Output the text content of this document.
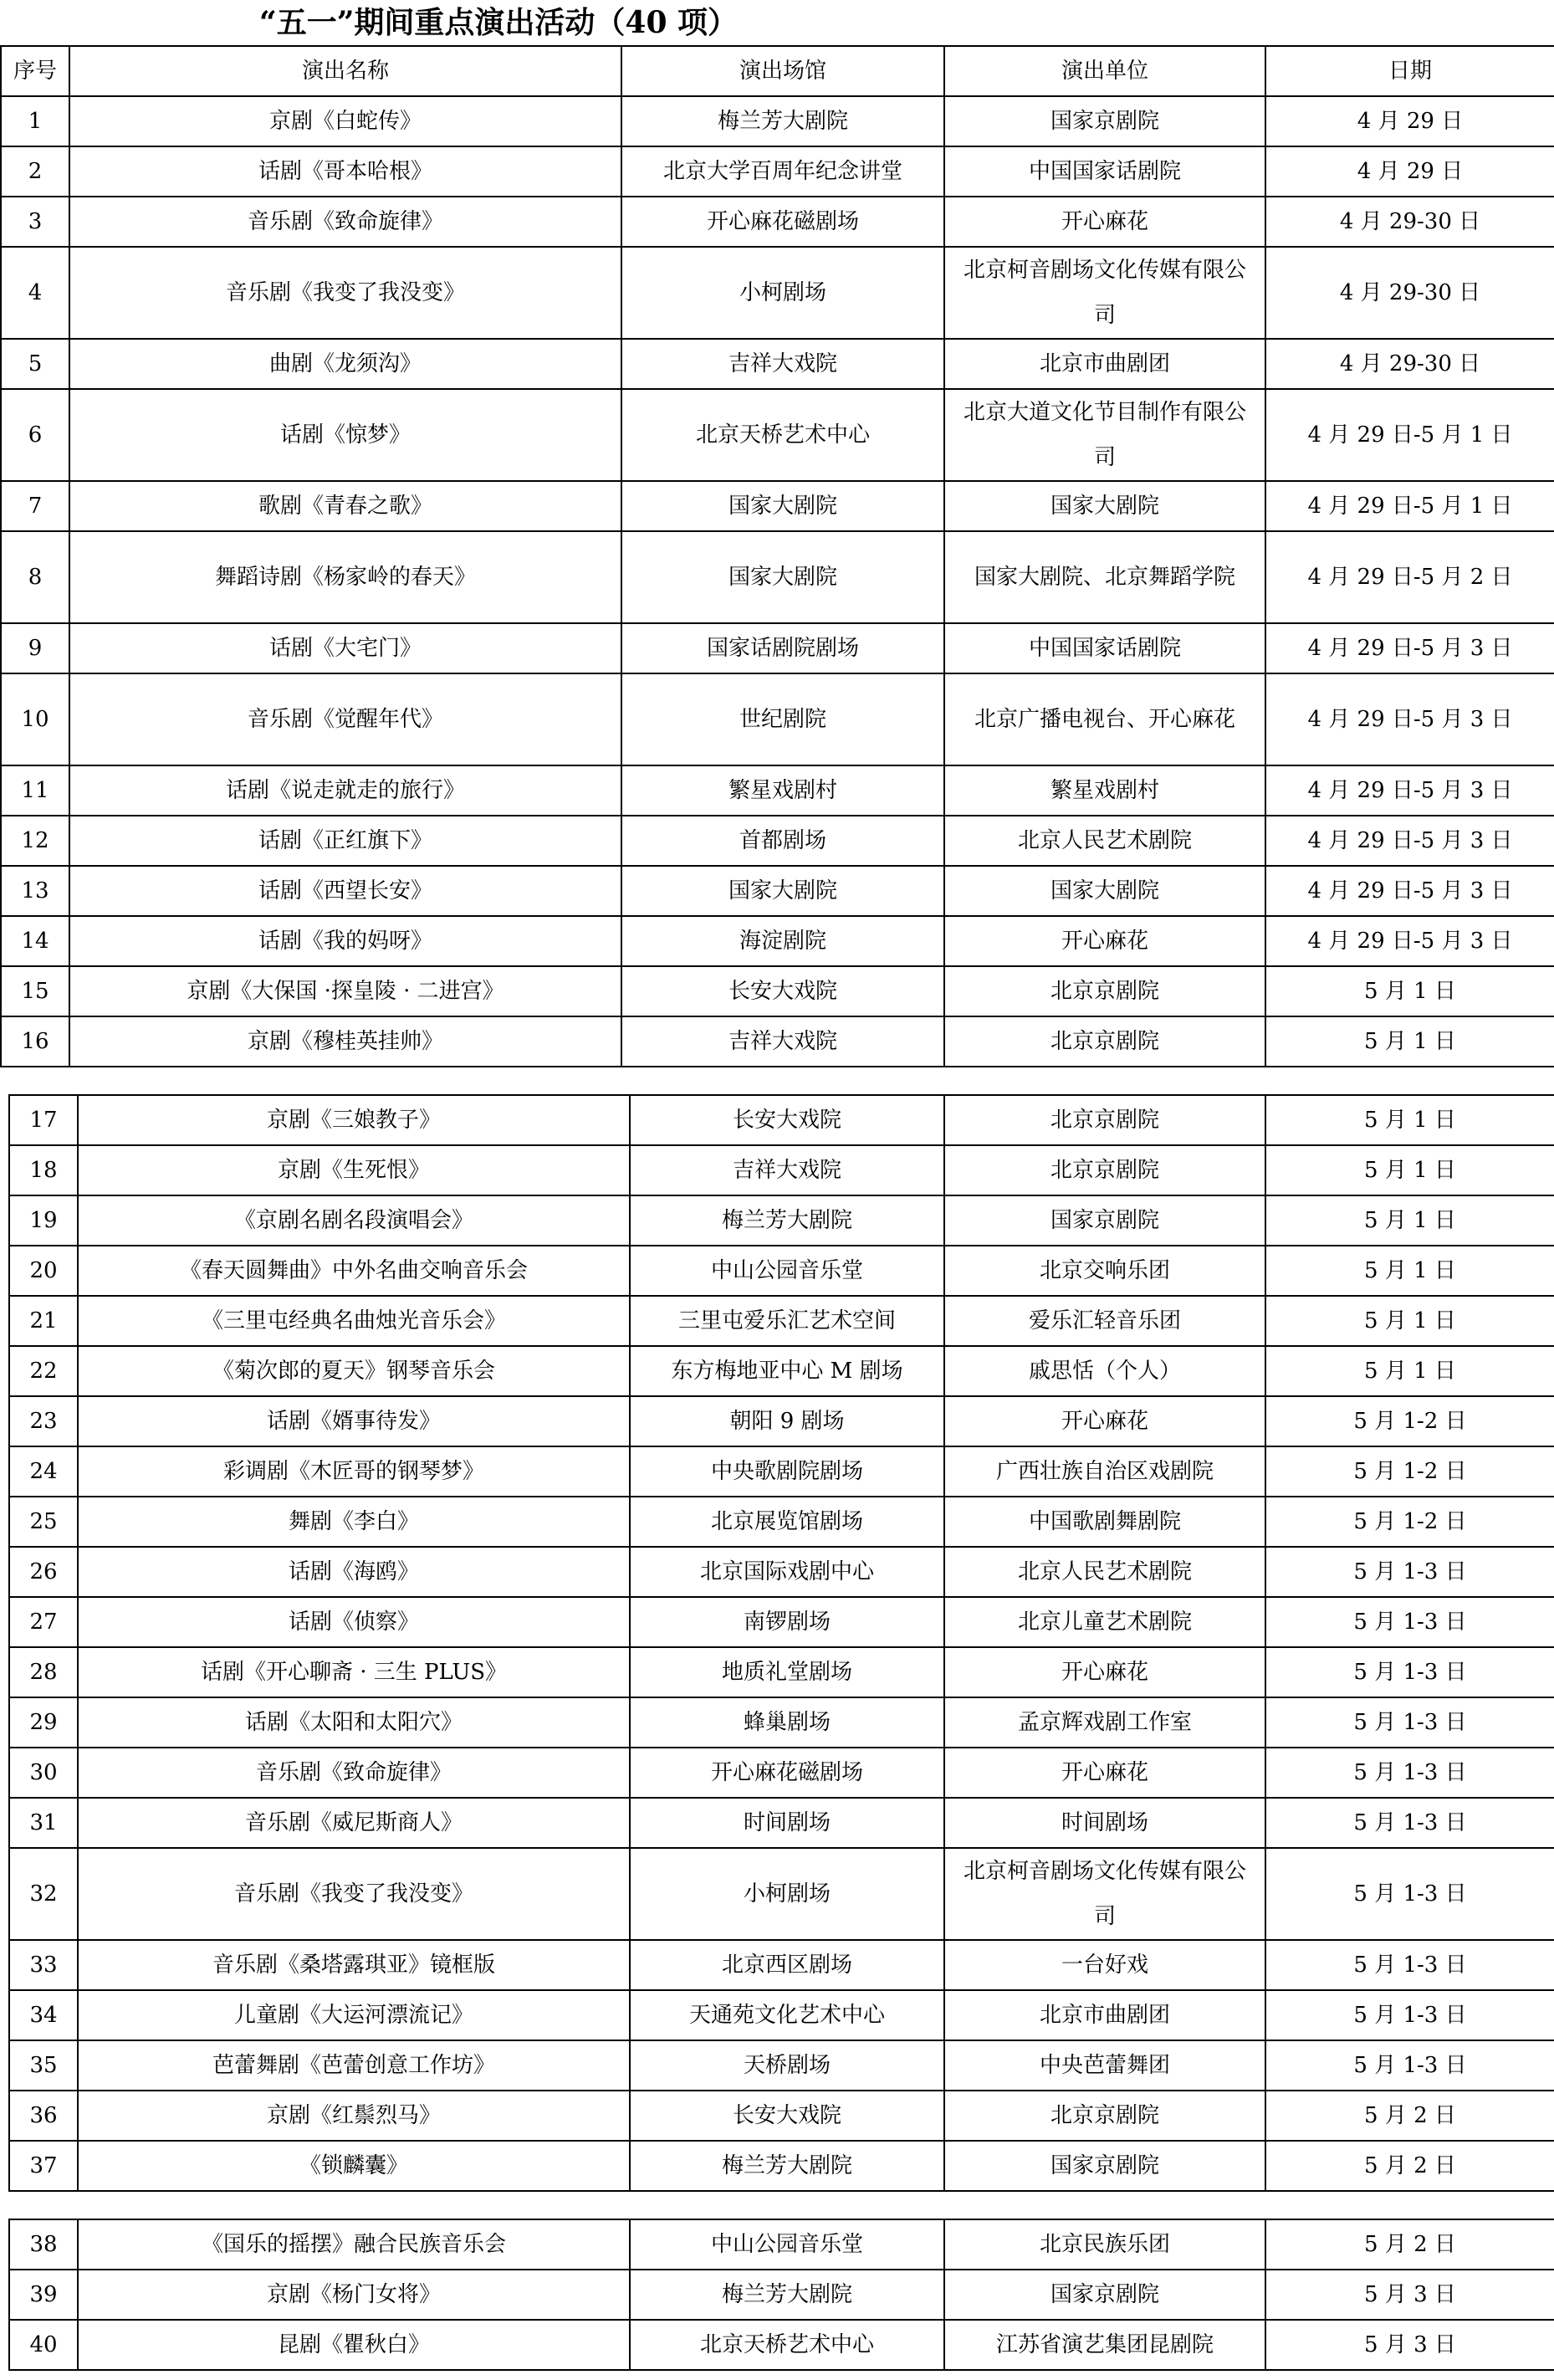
“五一”期间重点演出活动（40 项）
序号	演出名称	演出场馆	演出单位	日期
1	京剧《白蛇传》	梅兰芳大剧院	国家京剧院	4 月 29 日
2	话剧《哥本哈根》	北京大学百周年纪念讲堂	中国国家话剧院	4 月 29 日
3	音乐剧《致命旋律》	开心麻花磁剧场	开心麻花	4 月 29-30 日
4	音乐剧《我变了我没变》	小柯剧场	北京柯音剧场文化传媒有限公司	4 月 29-30 日
5	曲剧《龙须沟》	吉祥大戏院	北京市曲剧团	4 月 29-30 日
6	话剧《惊梦》	北京天桥艺术中心	北京大道文化节目制作有限公司	4 月 29 日-5 月 1 日
7	歌剧《青春之歌》	国家大剧院	国家大剧院	4 月 29 日-5 月 1 日
8	舞蹈诗剧《杨家岭的春天》	国家大剧院	国家大剧院、北京舞蹈学院	4 月 29 日-5 月 2 日
9	话剧《大宅门》	国家话剧院剧场	中国国家话剧院	4 月 29 日-5 月 3 日
10	音乐剧《觉醒年代》	世纪剧院	北京广播电视台、开心麻花	4 月 29 日-5 月 3 日
11	话剧《说走就走的旅行》	繁星戏剧村	繁星戏剧村	4 月 29 日-5 月 3 日
12	话剧《正红旗下》	首都剧场	北京人民艺术剧院	4 月 29 日-5 月 3 日
13	话剧《西望长安》	国家大剧院	国家大剧院	4 月 29 日-5 月 3 日
14	话剧《我的妈呀》	海淀剧院	开心麻花	4 月 29 日-5 月 3 日
15	京剧《大保国 ·探皇陵 · 二进宫》	长安大戏院	北京京剧院	5 月 1 日
16	京剧《穆桂英挂帅》	吉祥大戏院	北京京剧院	5 月 1 日
17	京剧《三娘教子》	长安大戏院	北京京剧院	5 月 1 日
18	京剧《生死恨》	吉祥大戏院	北京京剧院	5 月 1 日
19	《京剧名剧名段演唱会》	梅兰芳大剧院	国家京剧院	5 月 1 日
20	《春天圆舞曲》中外名曲交响音乐会	中山公园音乐堂	北京交响乐团	5 月 1 日
21	《三里屯经典名曲烛光音乐会》	三里屯爱乐汇艺术空间	爱乐汇轻音乐团	5 月 1 日
22	《菊次郎的夏天》钢琴音乐会	东方梅地亚中心 M 剧场	戚思恬（个人）	5 月 1 日
23	话剧《婿事待发》	朝阳 9 剧场	开心麻花	5 月 1-2 日
24	彩调剧《木匠哥的钢琴梦》	中央歌剧院剧场	广西壮族自治区戏剧院	5 月 1-2 日
25	舞剧《李白》	北京展览馆剧场	中国歌剧舞剧院	5 月 1-2 日
26	话剧《海鸥》	北京国际戏剧中心	北京人民艺术剧院	5 月 1-3 日
27	话剧《侦察》	南锣剧场	北京儿童艺术剧院	5 月 1-3 日
28	话剧《开心聊斋 · 三生 PLUS》	地质礼堂剧场	开心麻花	5 月 1-3 日
29	话剧《太阳和太阳穴》	蜂巢剧场	孟京辉戏剧工作室	5 月 1-3 日
30	音乐剧《致命旋律》	开心麻花磁剧场	开心麻花	5 月 1-3 日
31	音乐剧《威尼斯商人》	时间剧场	时间剧场	5 月 1-3 日
32	音乐剧《我变了我没变》	小柯剧场	北京柯音剧场文化传媒有限公司	5 月 1-3 日
33	音乐剧《桑塔露琪亚》镜框版	北京西区剧场	一台好戏	5 月 1-3 日
34	儿童剧《大运河漂流记》	天通苑文化艺术中心	北京市曲剧团	5 月 1-3 日
35	芭蕾舞剧《芭蕾创意工作坊》	天桥剧场	中央芭蕾舞团	5 月 1-3 日
36	京剧《红鬃烈马》	长安大戏院	北京京剧院	5 月 2 日
37	《锁麟囊》	梅兰芳大剧院	国家京剧院	5 月 2 日
38	《国乐的摇摆》融合民族音乐会	中山公园音乐堂	北京民族乐团	5 月 2 日
39	京剧《杨门女将》	梅兰芳大剧院	国家京剧院	5 月 3 日
40	昆剧《瞿秋白》	北京天桥艺术中心	江苏省演艺集团昆剧院	5 月 3 日
